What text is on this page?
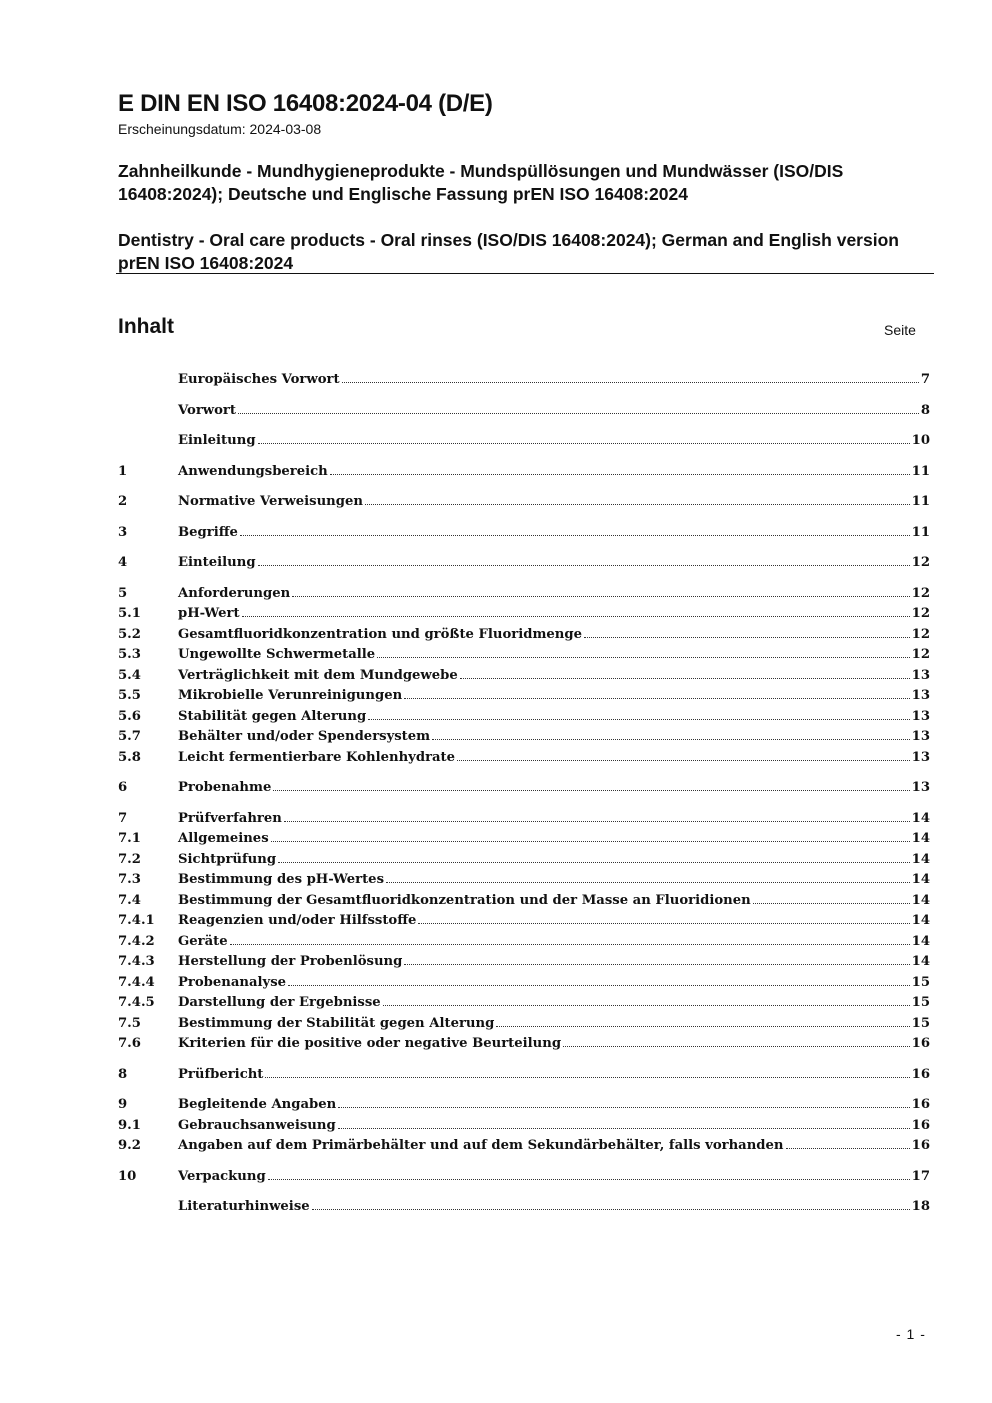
E DIN EN ISO 16408:2024-04 (D/E)

Erscheinungsdatum: 2024-03-08

Zahnheilkunde - Mundhygieneprodukte - Mundspüllösungen und Mundwässer (ISO/DIS 16408:2024); Deutsche und Englische Fassung prEN ISO 16408:2024

Dentistry - Oral care products - Oral rinses (ISO/DIS 16408:2024); German and English version prEN ISO 16408:2024

Inhalt	Seite
Europäisches Vorwort	7
Vorwort	8
Einleitung	10
1	Anwendungsbereich	11
2	Normative Verweisungen	11
3	Begriffe	11
4	Einteilung	12
5	Anforderungen	12
5.1	pH-Wert	12
5.2	Gesamtfluoridkonzentration und größte Fluoridmenge	12
5.3	Ungewollte Schwermetalle	12
5.4	Verträglichkeit mit dem Mundgewebe	13
5.5	Mikrobielle Verunreinigungen	13
5.6	Stabilität gegen Alterung	13
5.7	Behälter und/oder Spendersystem	13
5.8	Leicht fermentierbare Kohlenhydrate	13
6	Probenahme	13
7	Prüfverfahren	14
7.1	Allgemeines	14
7.2	Sichtprüfung	14
7.3	Bestimmung des pH-Wertes	14
7.4	Bestimmung der Gesamtfluoridkonzentration und der Masse an Fluoridionen	14
7.4.1	Reagenzien und/oder Hilfsstoffe	14
7.4.2	Geräte	14
7.4.3	Herstellung der Probenlösung	14
7.4.4	Probenanalyse	15
7.4.5	Darstellung der Ergebnisse	15
7.5	Bestimmung der Stabilität gegen Alterung	15
7.6	Kriterien für die positive oder negative Beurteilung	16
8	Prüfbericht	16
9	Begleitende Angaben	16
9.1	Gebrauchsanweisung	16
9.2	Angaben auf dem Primärbehälter und auf dem Sekundärbehälter, falls vorhanden	16
10	Verpackung	17
Literaturhinweise	18
- 1 -
